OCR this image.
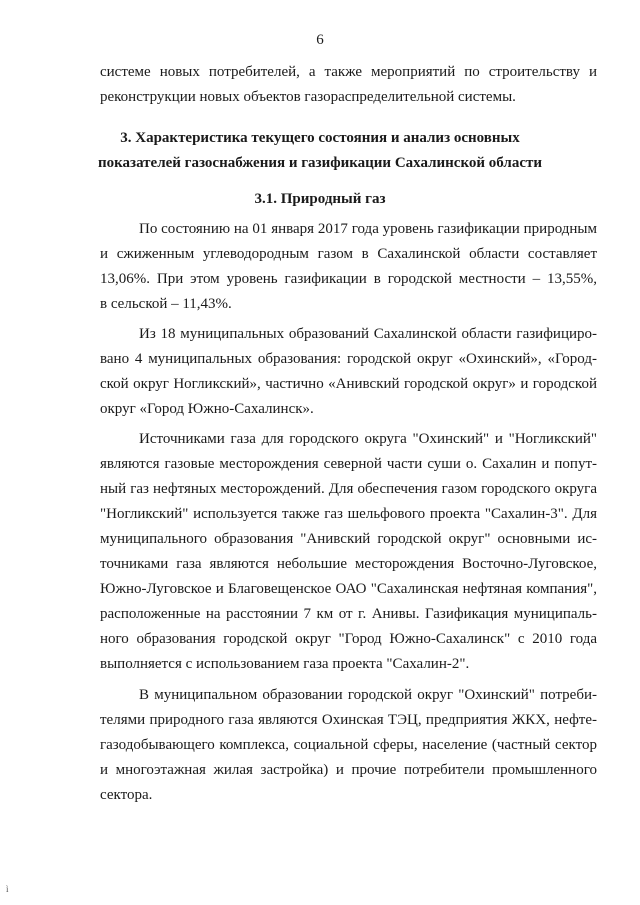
6
системе новых потребителей, а также мероприятий по строительству и
реконструкции новых объектов газораспределительной системы.
3. Характеристика текущего состояния и анализ основных
показателей газоснабжения и газификации Сахалинской области
3.1. Природный газ
По состоянию на 01 января 2017 года уровень газификации природным
и сжиженным углеводородным газом в Сахалинской области составляет
13,06%. При этом уровень газификации в городской местности – 13,55%,
в сельской – 11,43%.
Из 18 муниципальных образований Сахалинской области газифициро-
вано 4 муниципальных образования: городской округ «Охинский», «Город-
ской округ Ногликский», частично «Анивский городской округ» и городской
округ «Город Южно-Сахалинск».
Источниками газа для городского округа "Охинский" и "Ногликский"
являются газовые месторождения северной части суши о. Сахалин и попут-
ный газ нефтяных месторождений. Для обеспечения газом городского округа
"Ногликский" используется также газ шельфового проекта "Сахалин-3". Для
муниципального образования "Анивский городской округ" основными ис-
точниками газа являются небольшие месторождения Восточно-Луговское,
Южно-Луговское и Благовещенское ОАО "Сахалинская нефтяная компания",
расположенные на расстоянии 7 км от г. Анивы. Газификация муниципаль-
ного образования городской округ "Город Южно-Сахалинск" с 2010 года
выполняется с использованием газа проекта "Сахалин-2".
В муниципальном образовании городской округ "Охинский" потреби-
телями природного газа являются Охинская ТЭЦ, предприятия ЖКХ, нефте-
газодобывающего комплекса, социальной сферы, население (частный сектор
и многоэтажная жилая застройка) и прочие потребители промышленного
сектора.
ì
